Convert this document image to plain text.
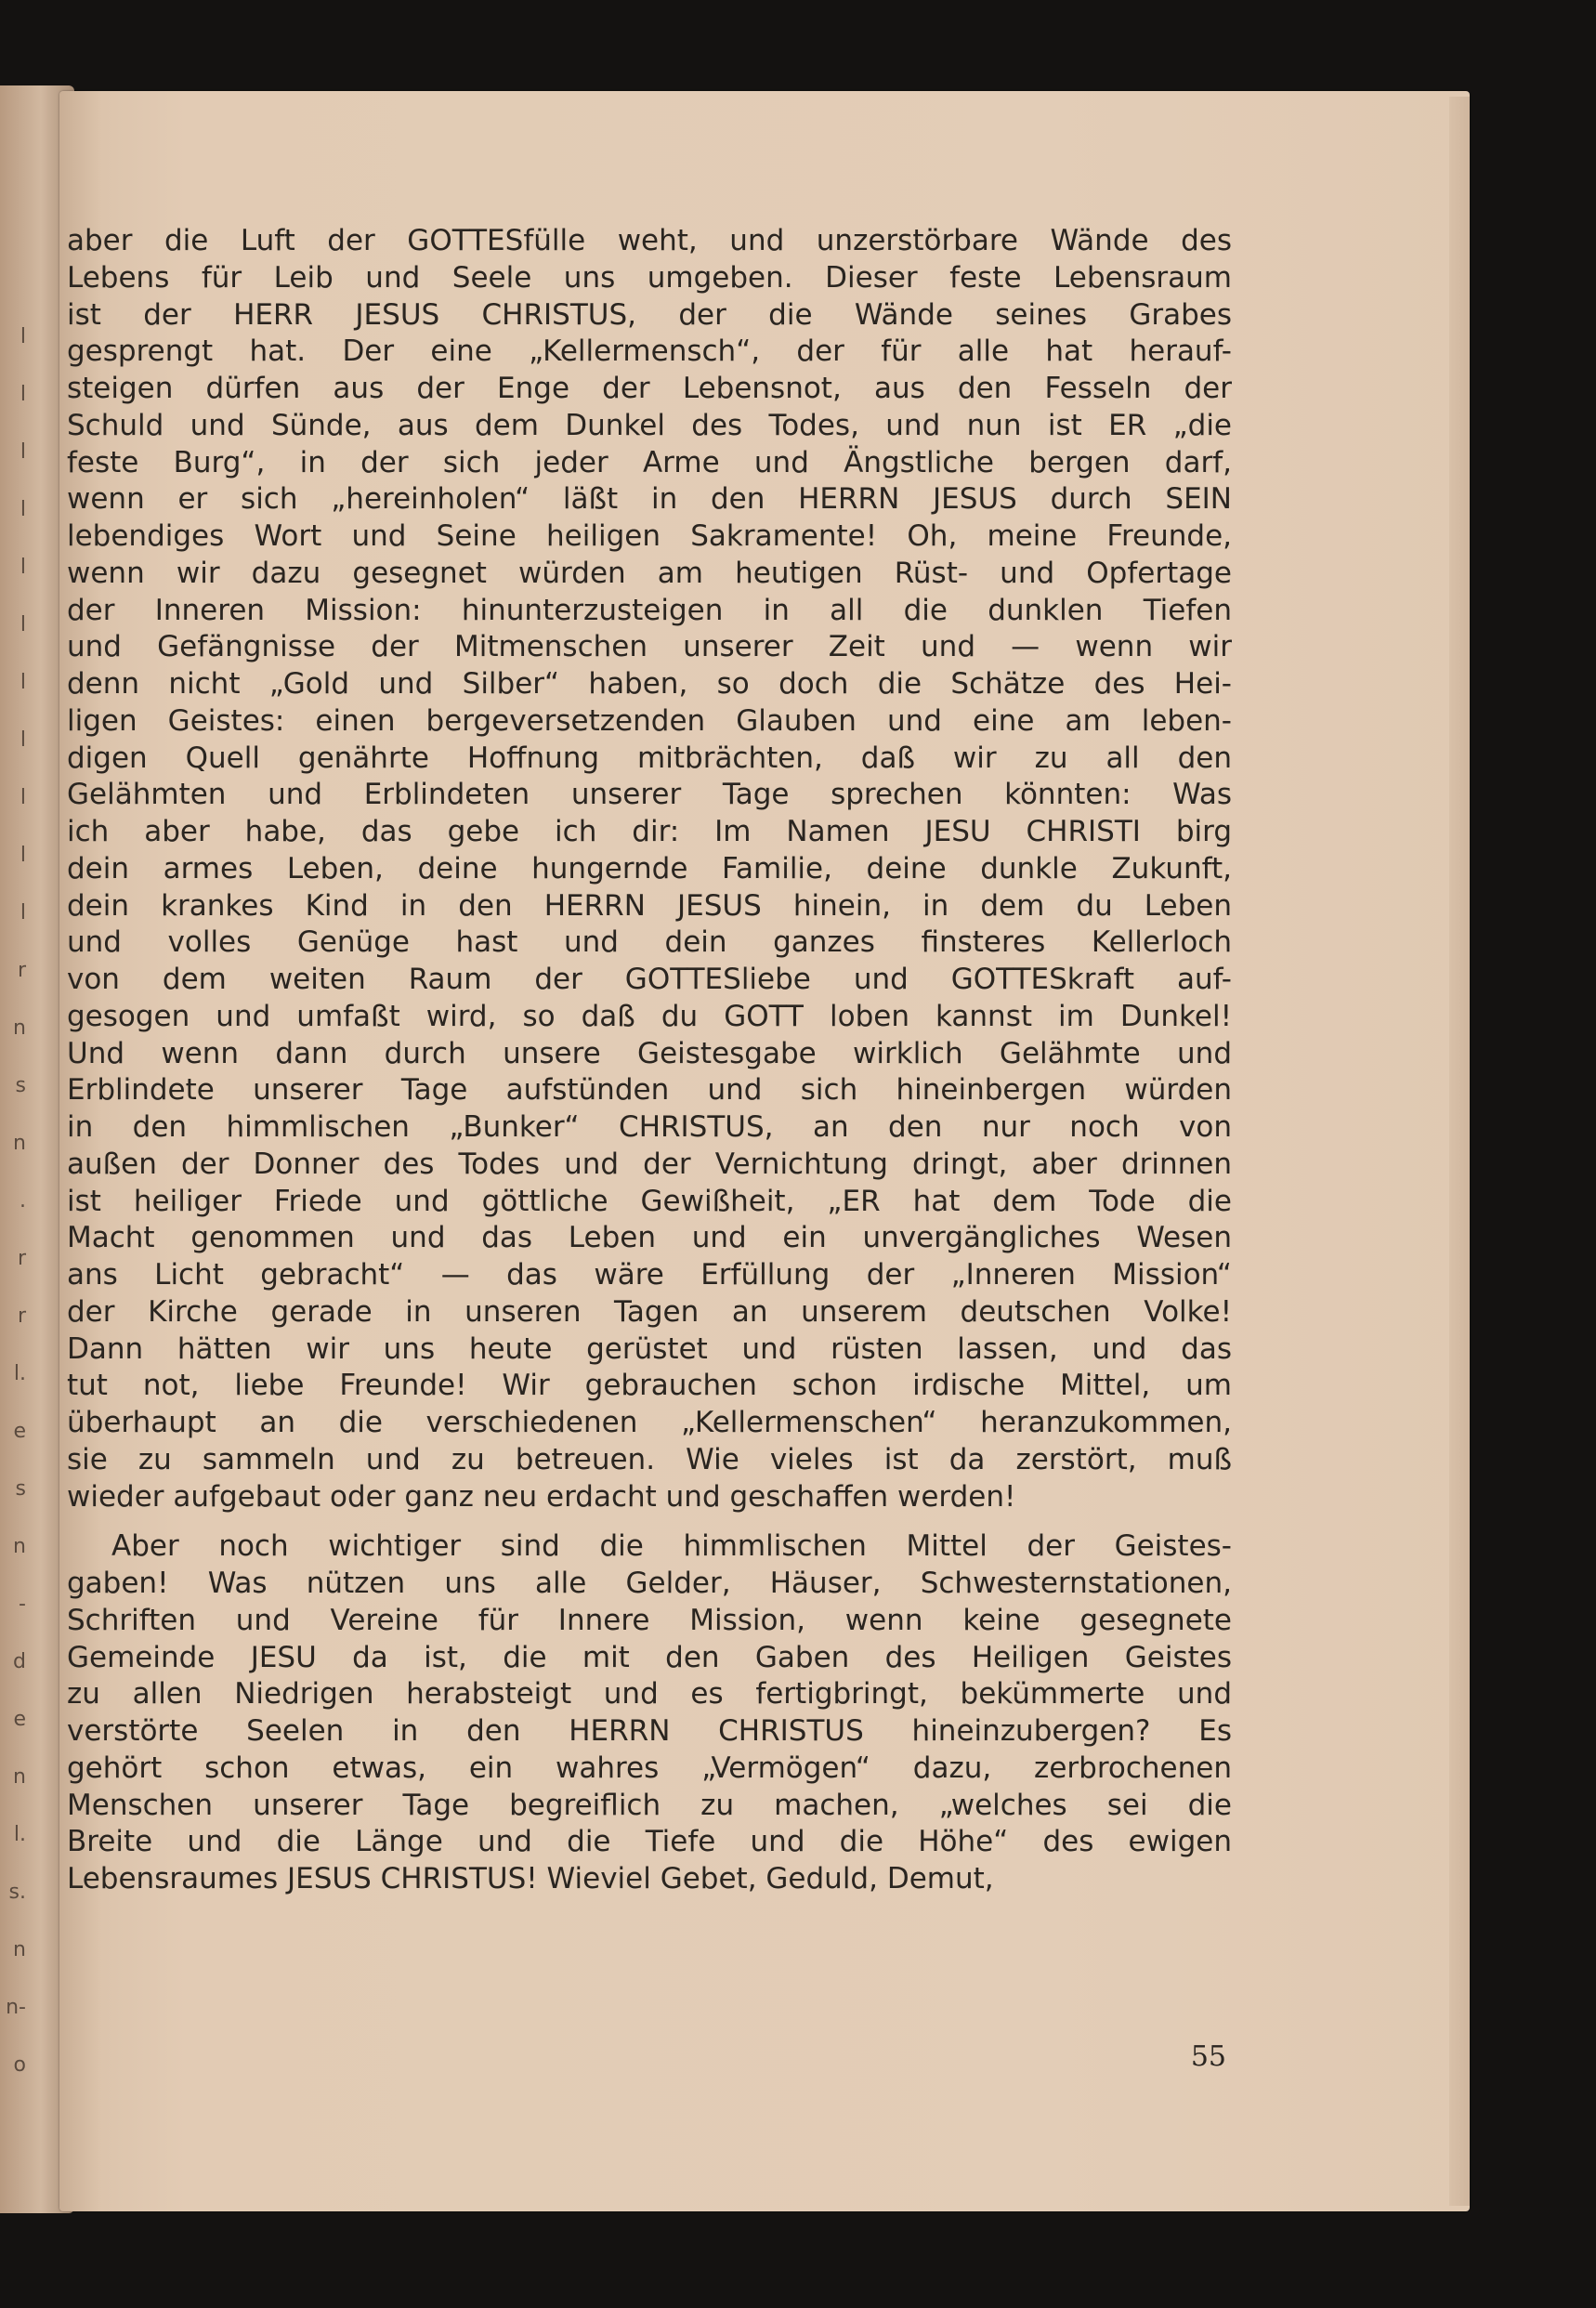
l
l
l
l
l
l
l
l
l
l
l
r
n
s
n
.
r
r
l.
e
s
n
-
d
e
n
l.
s.
n
n-
o
aber die Luft der GOTTESfülle weht, und unzerstörbare Wände des
Lebens für Leib und Seele uns umgeben. Dieser feste Lebensraum
ist der HERR JESUS CHRISTUS, der die Wände seines Grabes
gesprengt hat. Der eine „Kellermensch“, der für alle hat herauf-
steigen dürfen aus der Enge der Lebensnot, aus den Fesseln der
Schuld und Sünde, aus dem Dunkel des Todes, und nun ist ER „die
feste Burg“, in der sich jeder Arme und Ängstliche bergen darf,
wenn er sich „hereinholen“ läßt in den HERRN JESUS durch SEIN
lebendiges Wort und Seine heiligen Sakramente! Oh, meine Freunde,
wenn wir dazu gesegnet würden am heutigen Rüst- und Opfertage
der Inneren Mission: hinunterzusteigen in all die dunklen Tiefen
und Gefängnisse der Mitmenschen unserer Zeit und — wenn wir
denn nicht „Gold und Silber“ haben, so doch die Schätze des Hei-
ligen Geistes: einen bergeversetzenden Glauben und eine am leben-
digen Quell genährte Hoffnung mitbrächten, daß wir zu all den
Gelähmten und Erblindeten unserer Tage sprechen könnten: Was
ich aber habe, das gebe ich dir: Im Namen JESU CHRISTI birg
dein armes Leben, deine hungernde Familie, deine dunkle Zukunft,
dein krankes Kind in den HERRN JESUS hinein, in dem du Leben
und volles Genüge hast und dein ganzes finsteres Kellerloch
von dem weiten Raum der GOTTESliebe und GOTTESkraft auf-
gesogen und umfaßt wird, so daß du GOTT loben kannst im Dunkel!
Und wenn dann durch unsere Geistesgabe wirklich Gelähmte und
Erblindete unserer Tage aufstünden und sich hineinbergen würden
in den himmlischen „Bunker“ CHRISTUS, an den nur noch von
außen der Donner des Todes und der Vernichtung dringt, aber drinnen
ist heiliger Friede und göttliche Gewißheit, „ER hat dem Tode die
Macht genommen und das Leben und ein unvergängliches Wesen
ans Licht gebracht“ — das wäre Erfüllung der „Inneren Mission“
der Kirche gerade in unseren Tagen an unserem deutschen Volke!
Dann hätten wir uns heute gerüstet und rüsten lassen, und das
tut not, liebe Freunde! Wir gebrauchen schon irdische Mittel, um
überhaupt an die verschiedenen „Kellermenschen“ heranzukommen,
sie zu sammeln und zu betreuen. Wie vieles ist da zerstört, muß
wieder aufgebaut oder ganz neu erdacht und geschaffen werden!
Aber noch wichtiger sind die himmlischen Mittel der Geistes-
gaben! Was nützen uns alle Gelder, Häuser, Schwesternstationen,
Schriften und Vereine für Innere Mission, wenn keine gesegnete
Gemeinde JESU da ist, die mit den Gaben des Heiligen Geistes
zu allen Niedrigen herabsteigt und es fertigbringt, bekümmerte und
verstörte Seelen in den HERRN CHRISTUS hineinzubergen? Es
gehört schon etwas, ein wahres „Vermögen“ dazu, zerbrochenen
Menschen unserer Tage begreiflich zu machen, „welches sei die
Breite und die Länge und die Tiefe und die Höhe“ des ewigen
Lebensraumes JESUS CHRISTUS! Wieviel Gebet, Geduld, Demut,
55
